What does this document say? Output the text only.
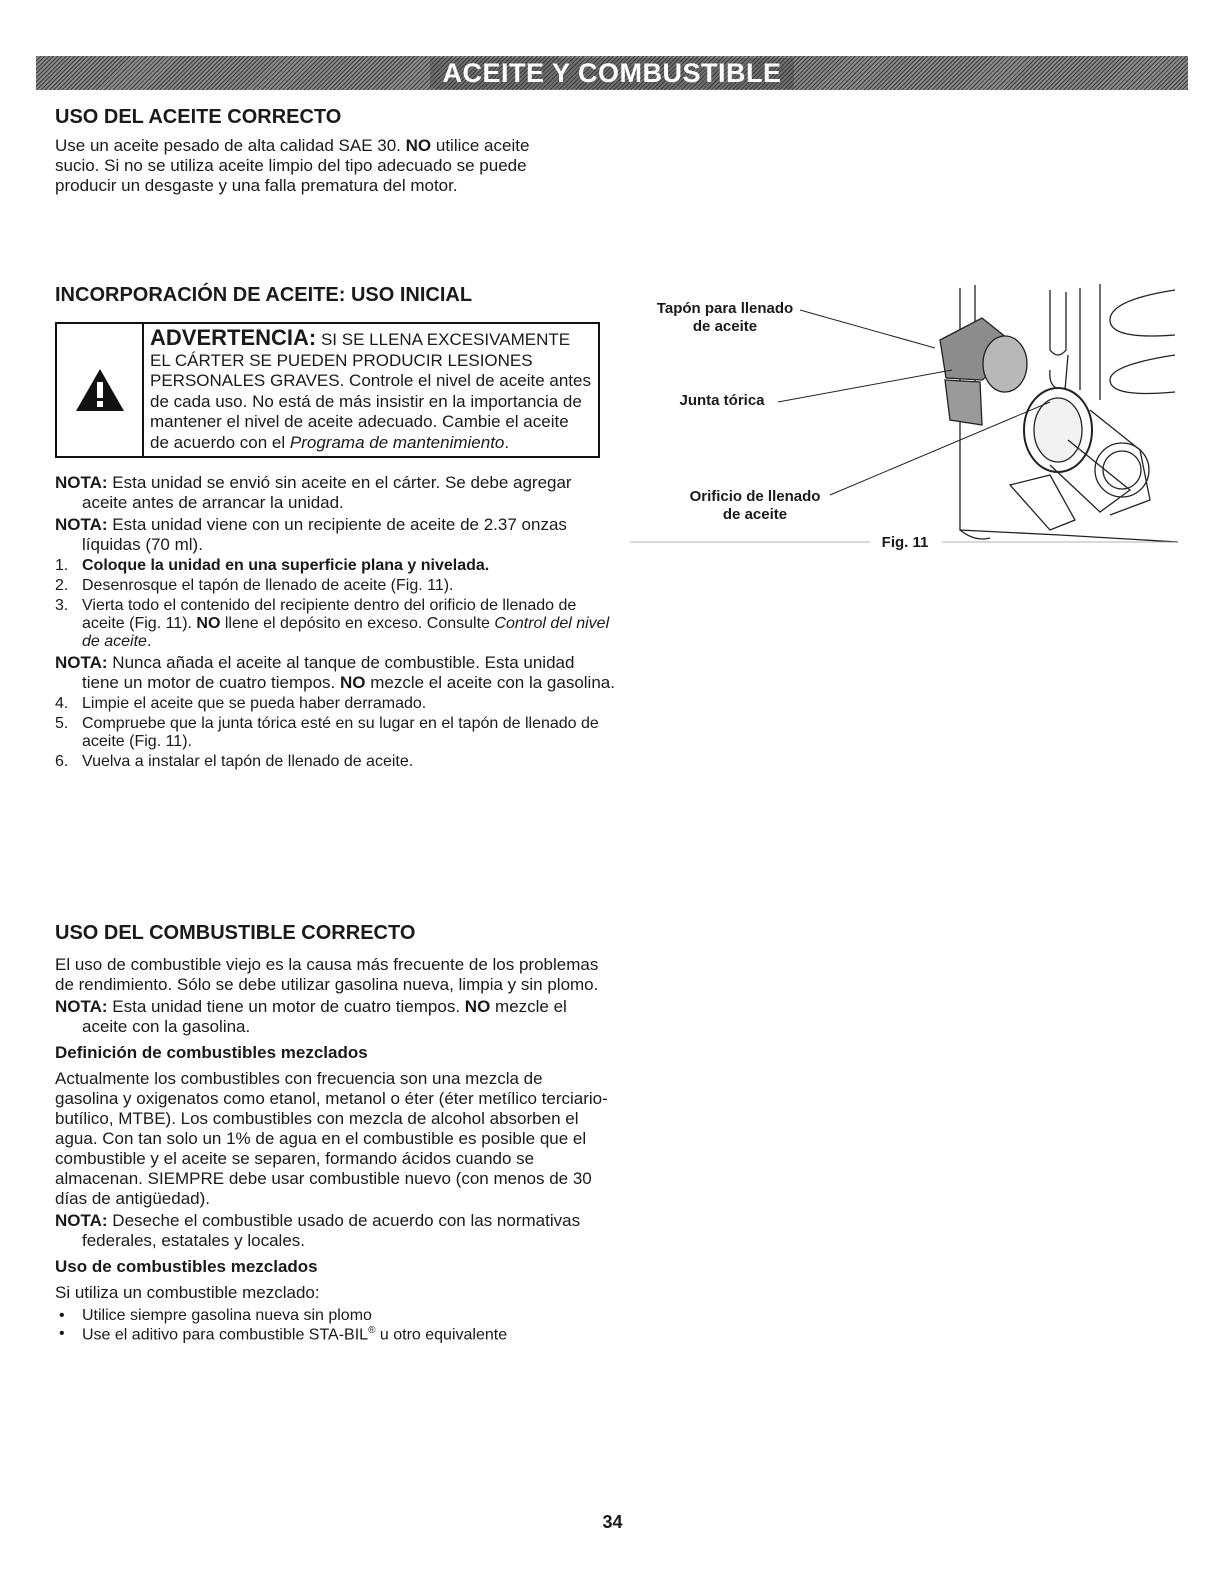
ACEITE Y COMBUSTIBLE
USO DEL ACEITE CORRECTO

Use un aceite pesado de alta calidad SAE 30. NO utilice aceite sucio. Si no se utiliza aceite limpio del tipo adecuado se puede producir un desgaste y una falla prematura del motor.

INCORPORACIÓN DE ACEITE: USO INICIAL
ADVERTENCIA: SI SE LLENA EXCESIVAMENTE EL CÁRTER SE PUEDEN PRODUCIR LESIONES PERSONALES GRAVES. Controle el nivel de aceite antes de cada uso. No está de más insistir en la importancia de mantener el nivel de aceite adecuado. Cambie el aceite de acuerdo con el Programa de mantenimiento.

NOTA: Esta unidad se envió sin aceite en el cárter. Se debe agregar aceite antes de arrancar la unidad.

NOTA: Esta unidad viene con un recipiente de aceite de 2.37 onzas líquidas (70 ml).

1. Coloque la unidad en una superficie plana y nivelada.
2. Desenrosque el tapón de llenado de aceite (Fig. 11).
3. Vierta todo el contenido del recipiente dentro del orificio de llenado de aceite (Fig. 11). NO llene el depósito en exceso. Consulte Control del nivel de aceite.

NOTA: Nunca añada el aceite al tanque de combustible. Esta unidad tiene un motor de cuatro tiempos. NO mezcle el aceite con la gasolina.

4. Limpie el aceite que se pueda haber derramado.
5. Compruebe que la junta tórica esté en su lugar en el tapón de llenado de aceite (Fig. 11).
6. Vuelva a instalar el tapón de llenado de aceite.
Tapón para llenado
de aceite
Junta tórica
Orificio de llenado
de aceite
Fig. 11
USO DEL COMBUSTIBLE CORRECTO

El uso de combustible viejo es la causa más frecuente de los problemas de rendimiento. Sólo se debe utilizar gasolina nueva, limpia y sin plomo.

NOTA: Esta unidad tiene un motor de cuatro tiempos. NO mezcle el aceite con la gasolina.

Definición de combustibles mezclados

Actualmente los combustibles con frecuencia son una mezcla de gasolina y oxigenatos como etanol, metanol o éter (éter metílico terciario-butílico, MTBE). Los combustibles con mezcla de alcohol absorben el agua. Con tan solo un 1% de agua en el combustible es posible que el combustible y el aceite se separen, formando ácidos cuando se almacenan. SIEMPRE debe usar combustible nuevo (con menos de 30 días de antigüedad).

NOTA: Deseche el combustible usado de acuerdo con las normativas federales, estatales y locales.

Uso de combustibles mezclados

Si utiliza un combustible mezclado:

•	Utilice siempre gasolina nueva sin plomo
•	Use el aditivo para combustible STA-BIL® u otro equivalente
34
